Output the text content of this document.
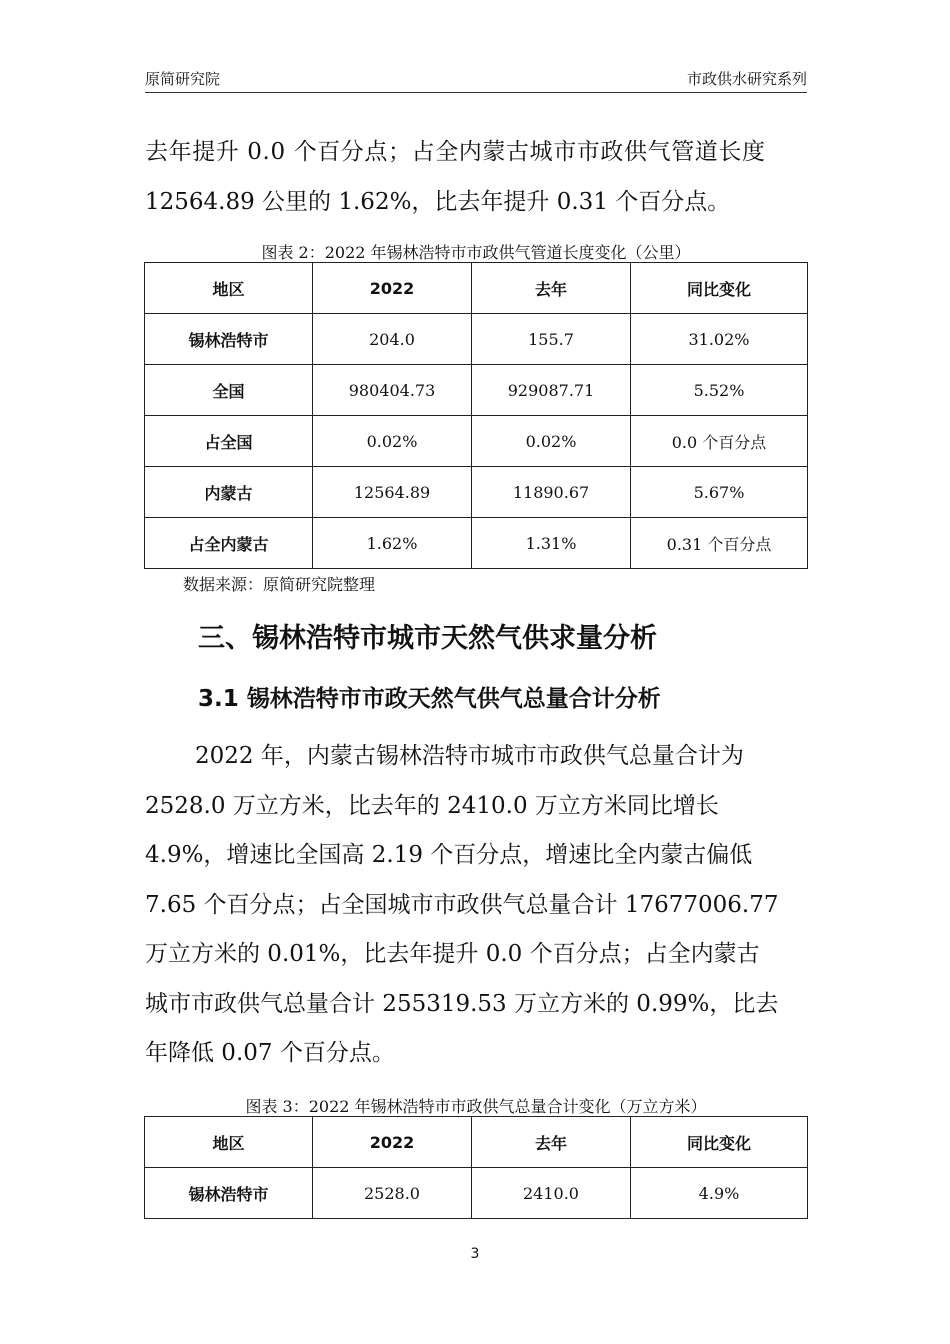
原简研究院	市政供水研究系列

去年提升 0.0 个百分点；占全内蒙古城市市政供气管道长度

12564.89 公里的 1.62%，比去年提升 0.31 个百分点。

图表 2：2022 年锡林浩特市市政供气管道长度变化（公里）
地区	2022	去年	同比变化
锡林浩特市	204.0	155.7	31.02%
全国	980404.73	929087.71	5.52%
占全国	0.02%	0.02%	0.0 个百分点
内蒙古	12564.89	11890.67	5.67%
占全内蒙古	1.62%	1.31%	0.31 个百分点
数据来源：原简研究院整理
三、锡林浩特市城市天然气供求量分析
3.1 锡林浩特市市政天然气供气总量合计分析

2022 年，内蒙古锡林浩特市城市市政供气总量合计为

2528.0 万立方米，比去年的 2410.0 万立方米同比增长

4.9%，增速比全国高 2.19 个百分点，增速比全内蒙古偏低

7.65 个百分点；占全国城市市政供气总量合计 17677006.77

万立方米的 0.01%，比去年提升 0.0 个百分点；占全内蒙古

城市市政供气总量合计 255319.53 万立方米的 0.99%，比去

年降低 0.07 个百分点。

图表 3：2022 年锡林浩特市市政供气总量合计变化（万立方米）
地区	2022	去年	同比变化
锡林浩特市	2528.0	2410.0	4.9%
3
